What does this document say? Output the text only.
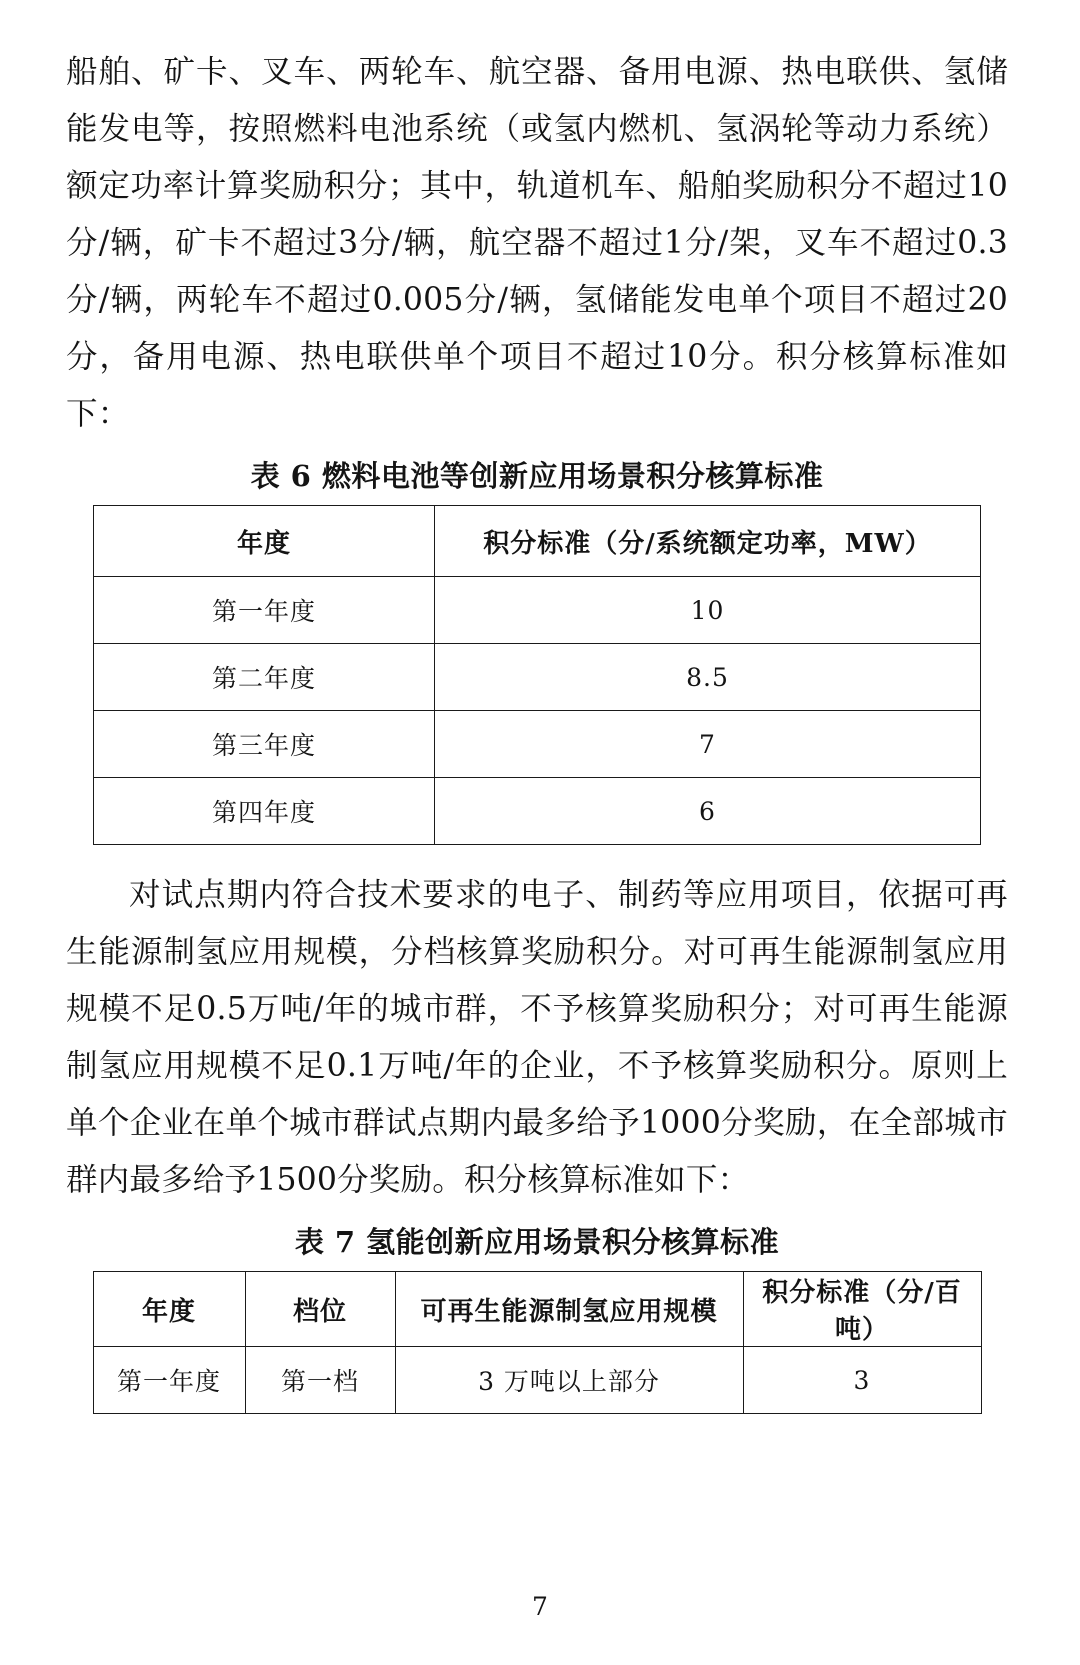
船舶、矿卡、叉车、两轮车、航空器、备用电源、热电联供、氢储能发电等，按照燃料电池系统（或氢内燃机、氢涡轮等动力系统）额定功率计算奖励积分；其中，轨道机车、船舶奖励积分不超过10分/辆，矿卡不超过3分/辆，航空器不超过1分/架，叉车不超过0.3分/辆，两轮车不超过0.005分/辆，氢储能发电单个项目不超过20分，备用电源、热电联供单个项目不超过10分。积分核算标准如下：

表 6 燃料电池等创新应用场景积分核算标准
年度	积分标准（分/系统额定功率，MW）
第一年度	10
第二年度	8.5
第三年度	7
第四年度	6

对试点期内符合技术要求的电子、制药等应用项目，依据可再生能源制氢应用规模，分档核算奖励积分。对可再生能源制氢应用规模不足0.5万吨/年的城市群，不予核算奖励积分；对可再生能源制氢应用规模不足0.1万吨/年的企业，不予核算奖励积分。原则上单个企业在单个城市群试点期内最多给予1000分奖励，在全部城市群内最多给予1500分奖励。积分核算标准如下：

表 7 氢能创新应用场景积分核算标准
年度	档位	可再生能源制氢应用规模	积分标准（分/百吨）
第一年度	第一档	3 万吨以上部分	3
7
